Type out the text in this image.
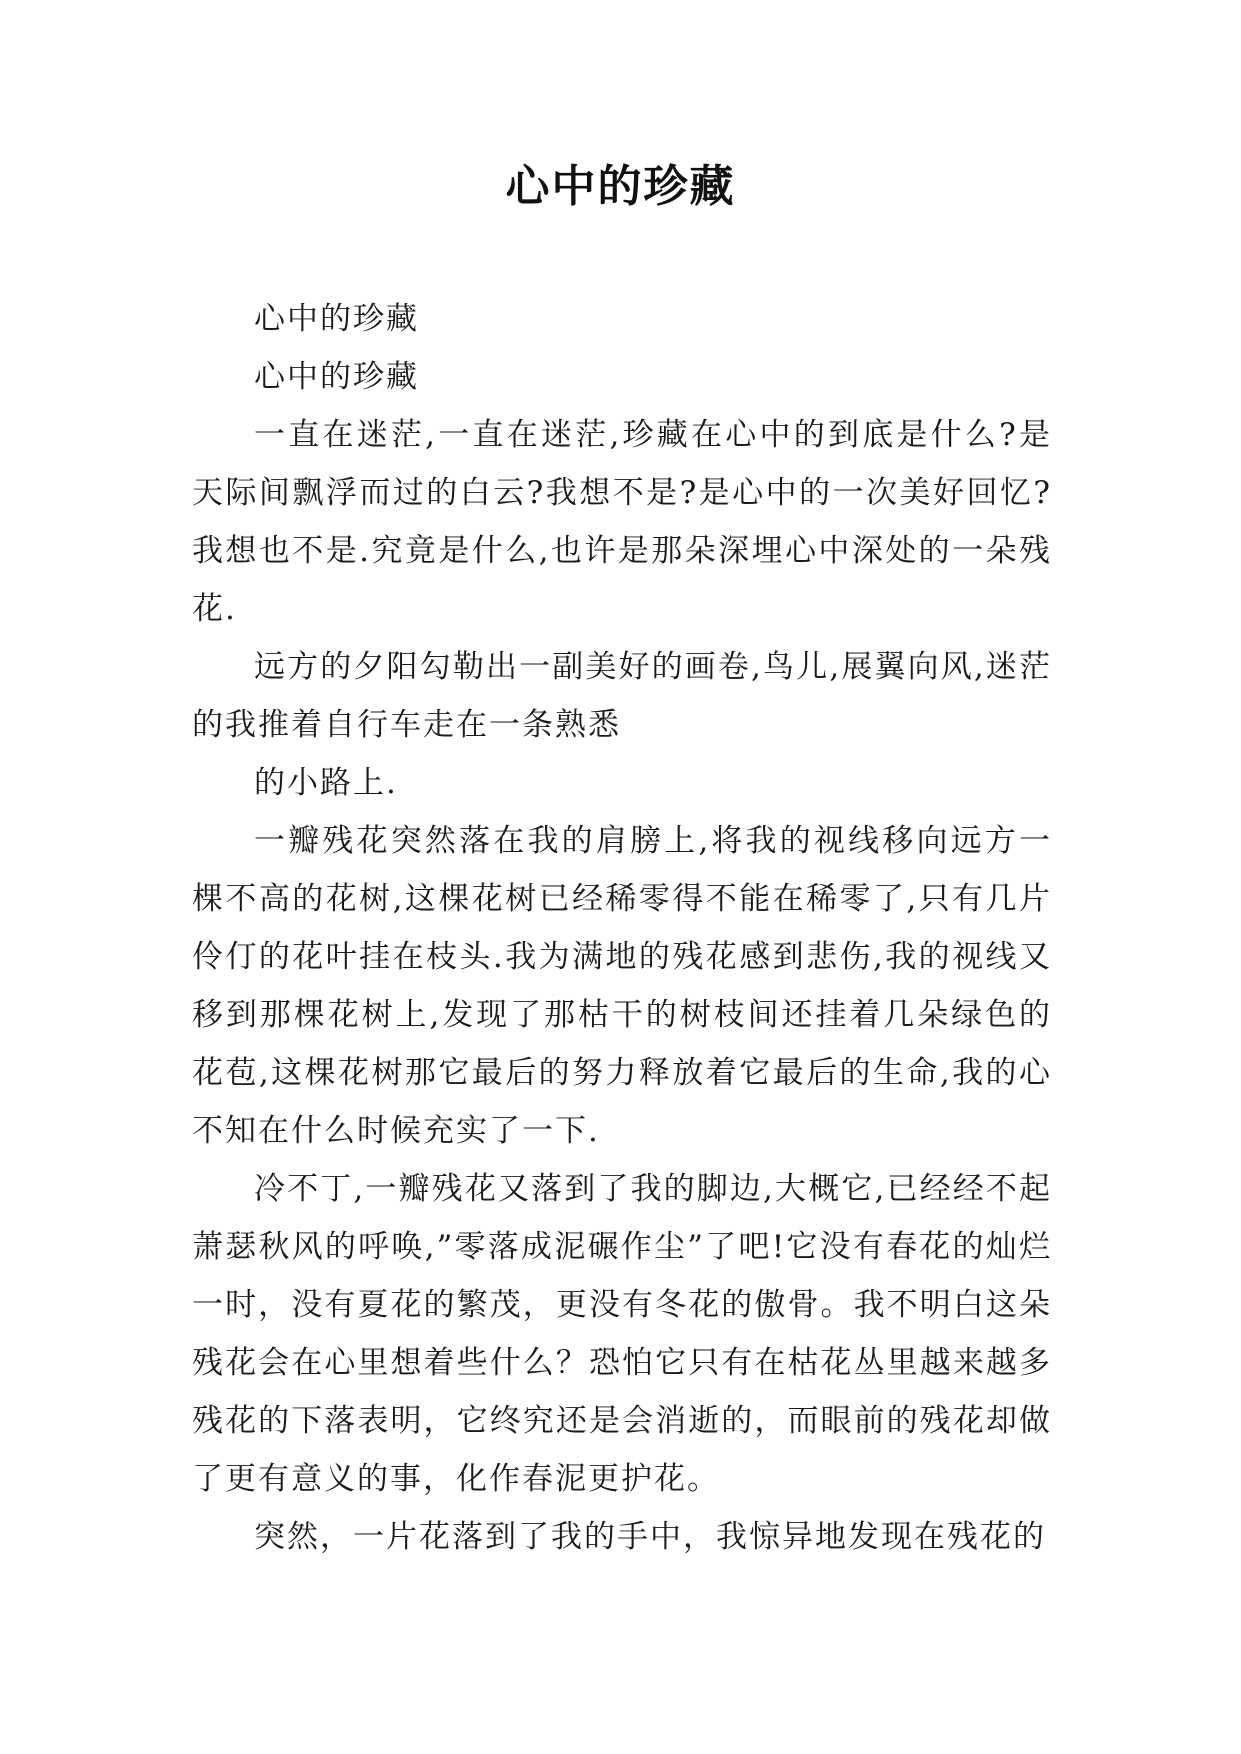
心中的珍藏

心中的珍藏

心中的珍藏

一直在迷茫,一直在迷茫,珍藏在心中的到底是什么?是天际间飘浮而过的白云?我想不是?是心中的一次美好回忆?我想也不是.究竟是什么,也许是那朵深埋心中深处的一朵残花.

远方的夕阳勾勒出一副美好的画卷,鸟儿,展翼向风,迷茫的我推着自行车走在一条熟悉

的小路上.

一瓣残花突然落在我的肩膀上,将我的视线移向远方一棵不高的花树,这棵花树已经稀零得不能在稀零了,只有几片伶仃的花叶挂在枝头.我为满地的残花感到悲伤,我的视线又移到那棵花树上,发现了那枯干的树枝间还挂着几朵绿色的花苞,这棵花树那它最后的努力释放着它最后的生命,我的心不知在什么时候充实了一下.

冷不丁,一瓣残花又落到了我的脚边,大概它,已经经不起萧瑟秋风的呼唤,”零落成泥碾作尘”了吧!它没有春花的灿烂一时，没有夏花的繁茂，更没有冬花的傲骨。我不明白这朵残花会在心里想着些什么？恐怕它只有在枯花丛里越来越多残花的下落表明，它终究还是会消逝的，而眼前的残花却做了更有意义的事，化作春泥更护花。

突然，一片花落到了我的手中，我惊异地发现在残花的
